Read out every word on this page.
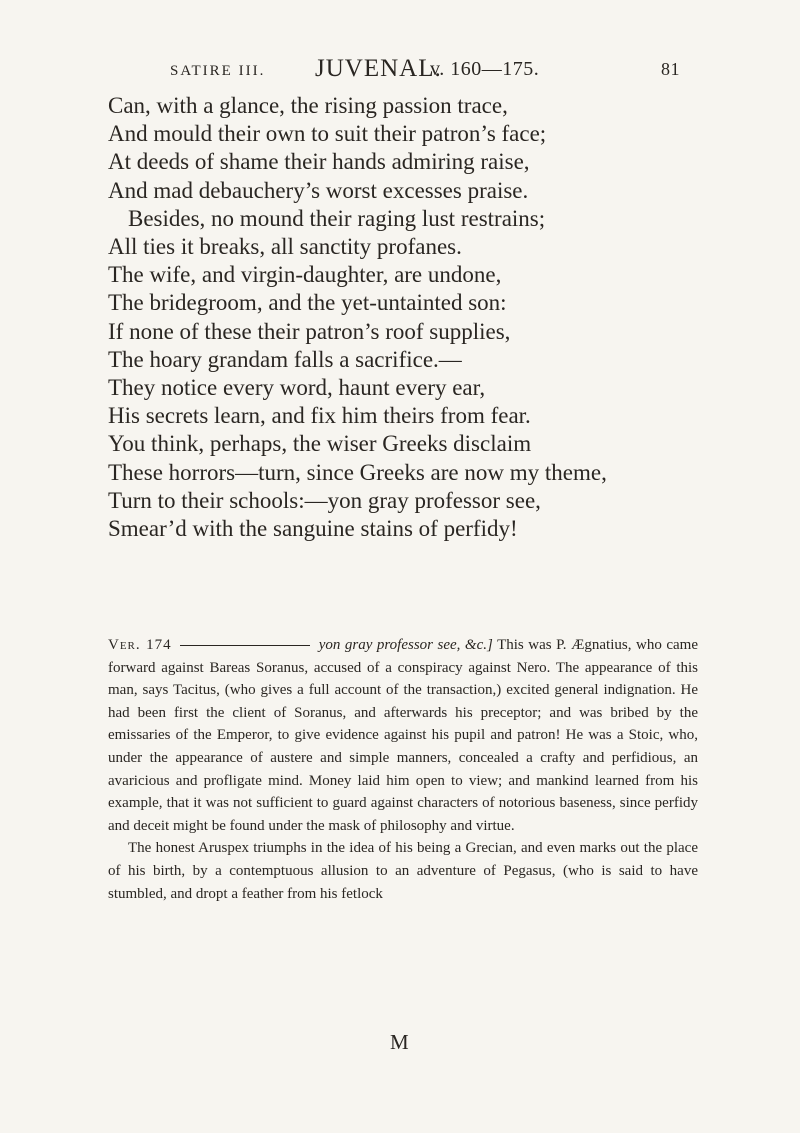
SATIRE III. JUVENAL.
v. 160—175.	81
Can, with a glance, the rising passion trace,
And mould their own to suit their patron’s face;
At deeds of shame their hands admiring raise,
And mad debauchery’s worst excesses praise.
Besides, no mound their raging lust restrains;
All ties it breaks, all sanctity profanes.
The wife, and virgin-daughter, are undone,
The bridegroom, and the yet-untainted son:
If none of these their patron’s roof supplies,
The hoary grandam falls a sacrifice.—
They notice every word, haunt every ear,
His secrets learn, and fix him theirs from fear.
You think, perhaps, the wiser Greeks disclaim
These horrors—turn, since Greeks are now my theme,
Turn to their schools:—yon gray professor see,
Smear’d with the sanguine stains of perfidy!

Ver. 174	yon gray professor see, &c.] This was P. Ægnatius, who came forward against Bareas Soranus, accused of a conspiracy against Nero. The appearance of this man, says Tacitus, (who gives a full account of the transaction,) excited general indignation. He had been first the client of Soranus, and afterwards his preceptor; and was bribed by the emissaries of the Emperor, to give evidence against his pupil and patron! He was a Stoic, who, under the appearance of austere and simple manners, concealed a crafty and perfidious, an avaricious and profligate mind. Money laid him open to view; and mankind learned from his example, that it was not sufficient to guard against characters of notorious baseness, since perfidy and deceit might be found under the mask of philosophy and virtue.

The honest Aruspex triumphs in the idea of his being a Grecian, and even marks out the place of his birth, by a contemptuous allusion to an adventure of Pegasus, (who is said to have stumbled, and dropt a feather from his fetlock

M
